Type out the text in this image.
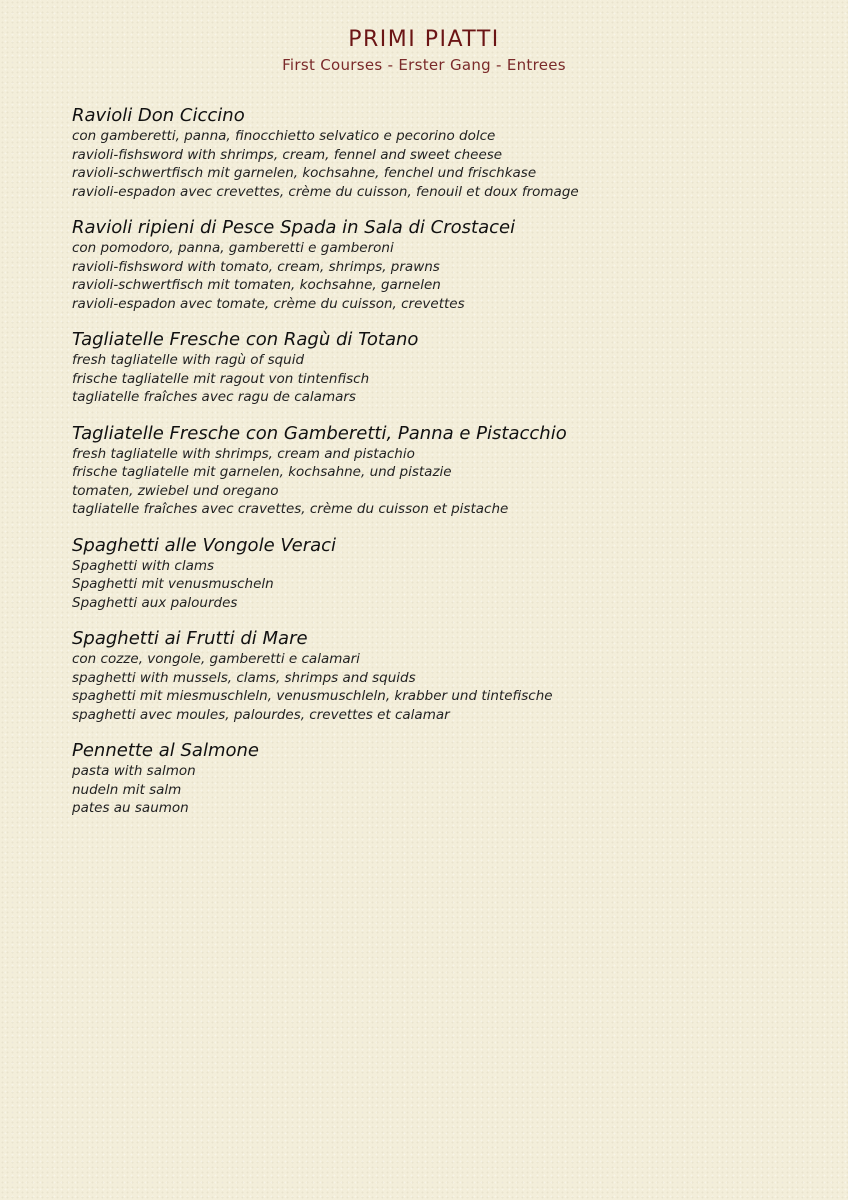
PRIMI PIATTI
First Courses - Erster Gang - Entrees
Ravioli Don Ciccino
con gamberetti, panna, finocchietto selvatico e pecorino dolce
ravioli-fishsword with shrimps, cream, fennel and sweet cheese
ravioli-schwertfisch mit garnelen, kochsahne, fenchel und frischkase
ravioli-espadon avec crevettes, crème du cuisson, fenouil et doux fromage
Ravioli ripieni di Pesce Spada in Sala di Crostacei
con pomodoro, panna, gamberetti e gamberoni
ravioli-fishsword with tomato, cream, shrimps, prawns
ravioli-schwertfisch mit tomaten, kochsahne, garnelen
ravioli-espadon avec tomate, crème du cuisson, crevettes
Tagliatelle Fresche con Ragù di Totano
fresh tagliatelle with ragù of squid
frische tagliatelle mit ragout von tintenfisch
tagliatelle fraîches avec ragu de calamars
Tagliatelle Fresche con Gamberetti, Panna e Pistacchio
fresh tagliatelle with shrimps, cream and pistachio
frische tagliatelle mit garnelen, kochsahne, und pistazie
tomaten, zwiebel und oregano
tagliatelle fraîches avec cravettes, crème du cuisson et pistache
Spaghetti alle Vongole Veraci
Spaghetti with clams
Spaghetti mit venusmuscheln
Spaghetti aux palourdes
Spaghetti ai Frutti di Mare
con cozze, vongole, gamberetti e calamari
spaghetti with mussels, clams, shrimps and squids
spaghetti mit miesmuschleln, venusmuschleln, krabber und tintefische
spaghetti avec moules, palourdes, crevettes et calamar
Pennette al Salmone
pasta with salmon
nudeln mit salm
pates au saumon
